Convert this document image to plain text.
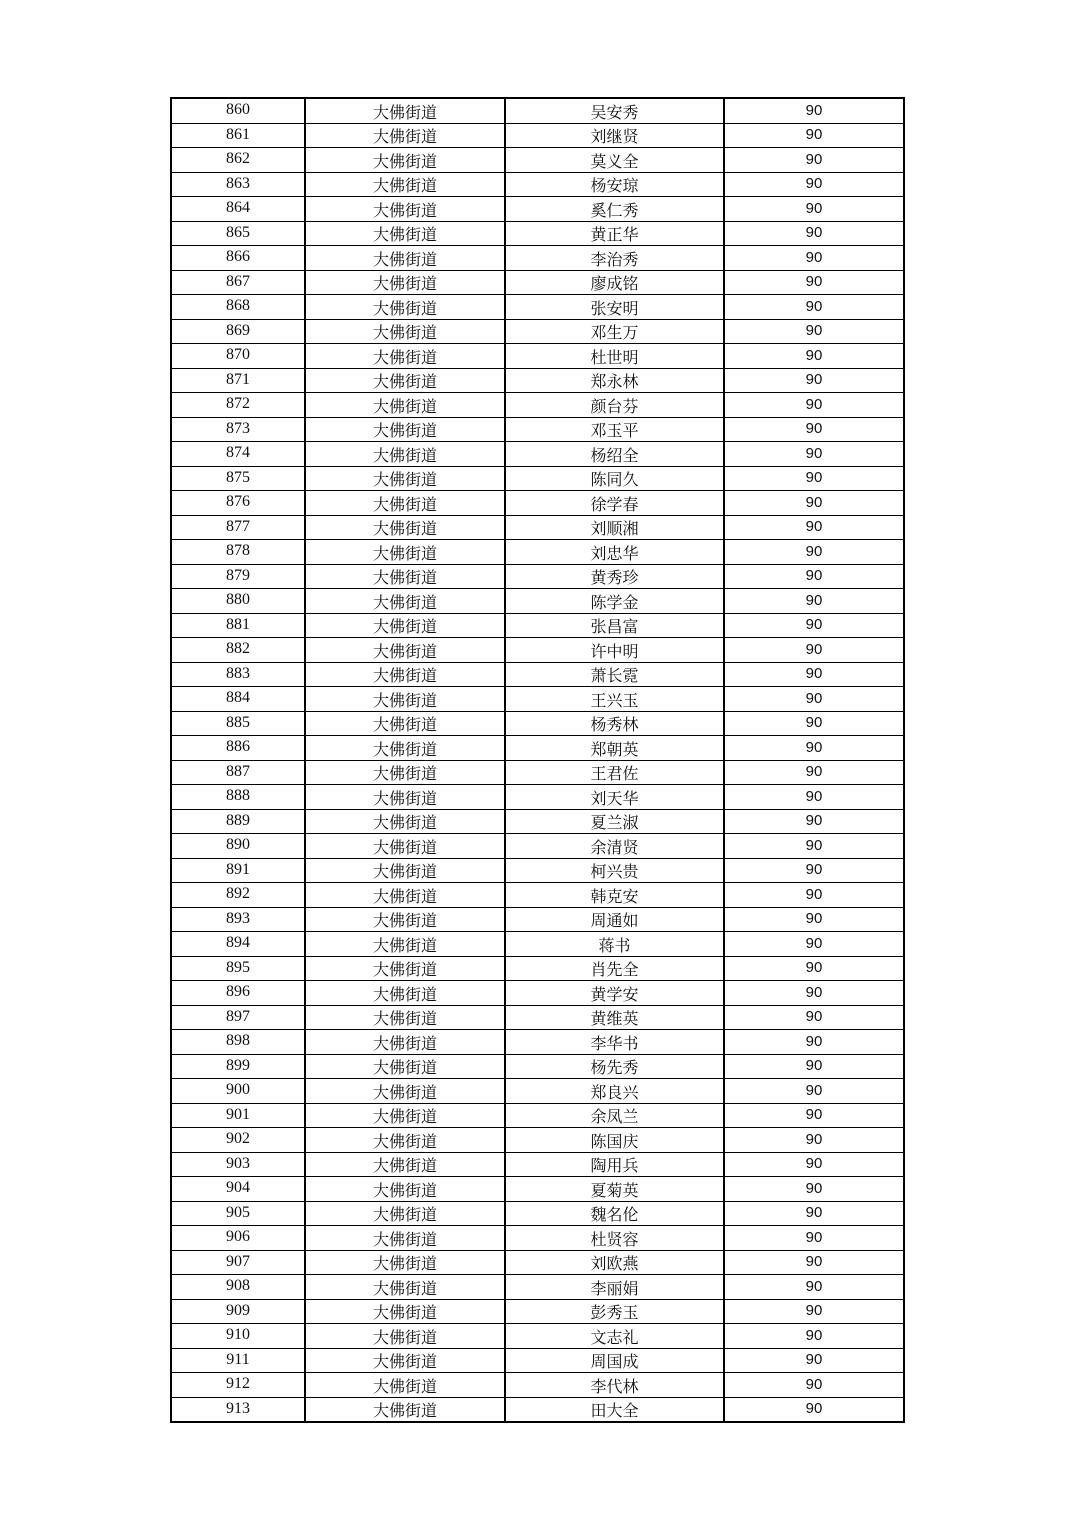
860	大佛街道	吴安秀	90
861	大佛街道	刘继贤	90
862	大佛街道	莫义全	90
863	大佛街道	杨安琼	90
864	大佛街道	奚仁秀	90
865	大佛街道	黄正华	90
866	大佛街道	李治秀	90
867	大佛街道	廖成铭	90
868	大佛街道	张安明	90
869	大佛街道	邓生万	90
870	大佛街道	杜世明	90
871	大佛街道	郑永林	90
872	大佛街道	颜台芬	90
873	大佛街道	邓玉平	90
874	大佛街道	杨绍全	90
875	大佛街道	陈同久	90
876	大佛街道	徐学春	90
877	大佛街道	刘顺湘	90
878	大佛街道	刘忠华	90
879	大佛街道	黄秀珍	90
880	大佛街道	陈学金	90
881	大佛街道	张昌富	90
882	大佛街道	许中明	90
883	大佛街道	萧长霓	90
884	大佛街道	王兴玉	90
885	大佛街道	杨秀林	90
886	大佛街道	郑朝英	90
887	大佛街道	王君佐	90
888	大佛街道	刘天华	90
889	大佛街道	夏兰淑	90
890	大佛街道	余清贤	90
891	大佛街道	柯兴贵	90
892	大佛街道	韩克安	90
893	大佛街道	周通如	90
894	大佛街道	蒋书	90
895	大佛街道	肖先全	90
896	大佛街道	黄学安	90
897	大佛街道	黄维英	90
898	大佛街道	李华书	90
899	大佛街道	杨先秀	90
900	大佛街道	郑良兴	90
901	大佛街道	余凤兰	90
902	大佛街道	陈国庆	90
903	大佛街道	陶用兵	90
904	大佛街道	夏菊英	90
905	大佛街道	魏名伦	90
906	大佛街道	杜贤容	90
907	大佛街道	刘欧燕	90
908	大佛街道	李丽娟	90
909	大佛街道	彭秀玉	90
910	大佛街道	文志礼	90
911	大佛街道	周国成	90
912	大佛街道	李代林	90
913	大佛街道	田大全	90
